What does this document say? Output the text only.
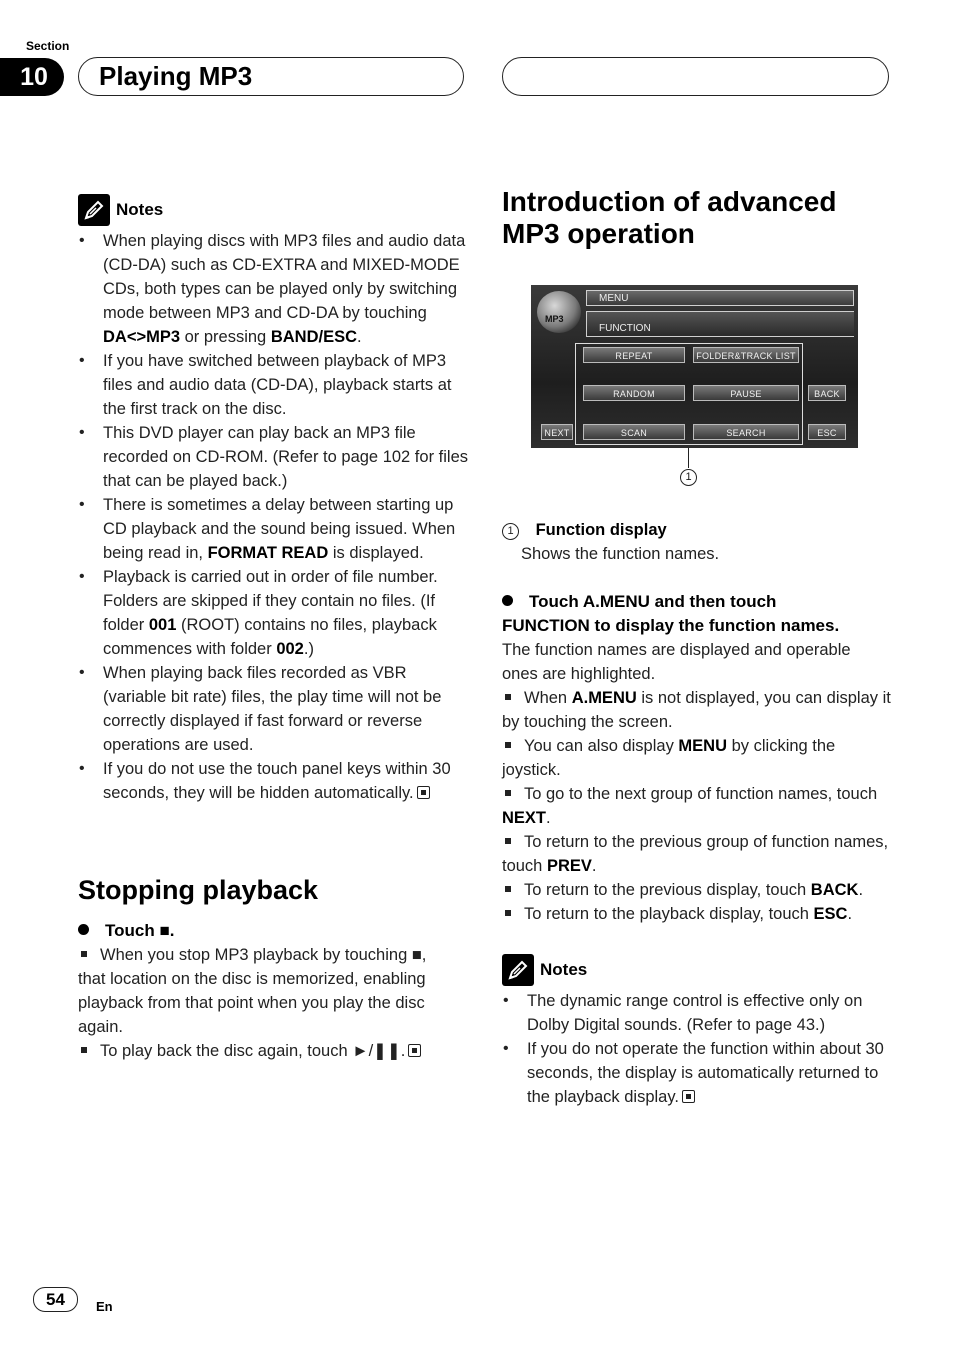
Section
10	Playing MP3
Notes
• When playing discs with MP3 files and audio data (CD-DA) such as CD-EXTRA and MIXED-MODE CDs, both types can be played only by switching mode between MP3 and CD-DA by touching DA<>MP3 or pressing BAND/ESC.
• If you have switched between playback of MP3 files and audio data (CD-DA), playback starts at the first track on the disc.
• This DVD player can play back an MP3 file recorded on CD-ROM. (Refer to page 102 for files that can be played back.)
• There is sometimes a delay between starting up CD playback and the sound being issued. When being read in, FORMAT READ is displayed.
• Playback is carried out in order of file number. Folders are skipped if they contain no files. (If folder 001 (ROOT) contains no files, playback commences with folder 002.)
• When playing back files recorded as VBR (variable bit rate) files, the play time will not be correctly displayed if fast forward or reverse operations are used.
• If you do not use the touch panel keys within 30 seconds, they will be hidden automatically.
Stopping playback
Touch ■.
When you stop MP3 playback by touching ■, that location on the disc is memorized, enabling playback from that point when you play the disc again.
To play back the disc again, touch ►/❚❚.
Introduction of advanced
MP3 operation
MP3
MENU
FUNCTION
REPEAT	FOLDER&TRACK LIST
RANDOM	PAUSE	BACK
NEXT	SCAN	SEARCH	ESC
1
1 Function display
Shows the function names.
Touch A.MENU and then touch
FUNCTION to display the function names.
The function names are displayed and operable ones are highlighted.
When A.MENU is not displayed, you can display it by touching the screen.
You can also display MENU by clicking the joystick.
To go to the next group of function names, touch NEXT.
To return to the previous group of function names, touch PREV.
To return to the previous display, touch BACK.
To return to the playback display, touch ESC.
Notes
• The dynamic range control is effective only on Dolby Digital sounds. (Refer to page 43.)
• If you do not operate the function within about 30 seconds, the display is automatically returned to the playback display.
54	En
